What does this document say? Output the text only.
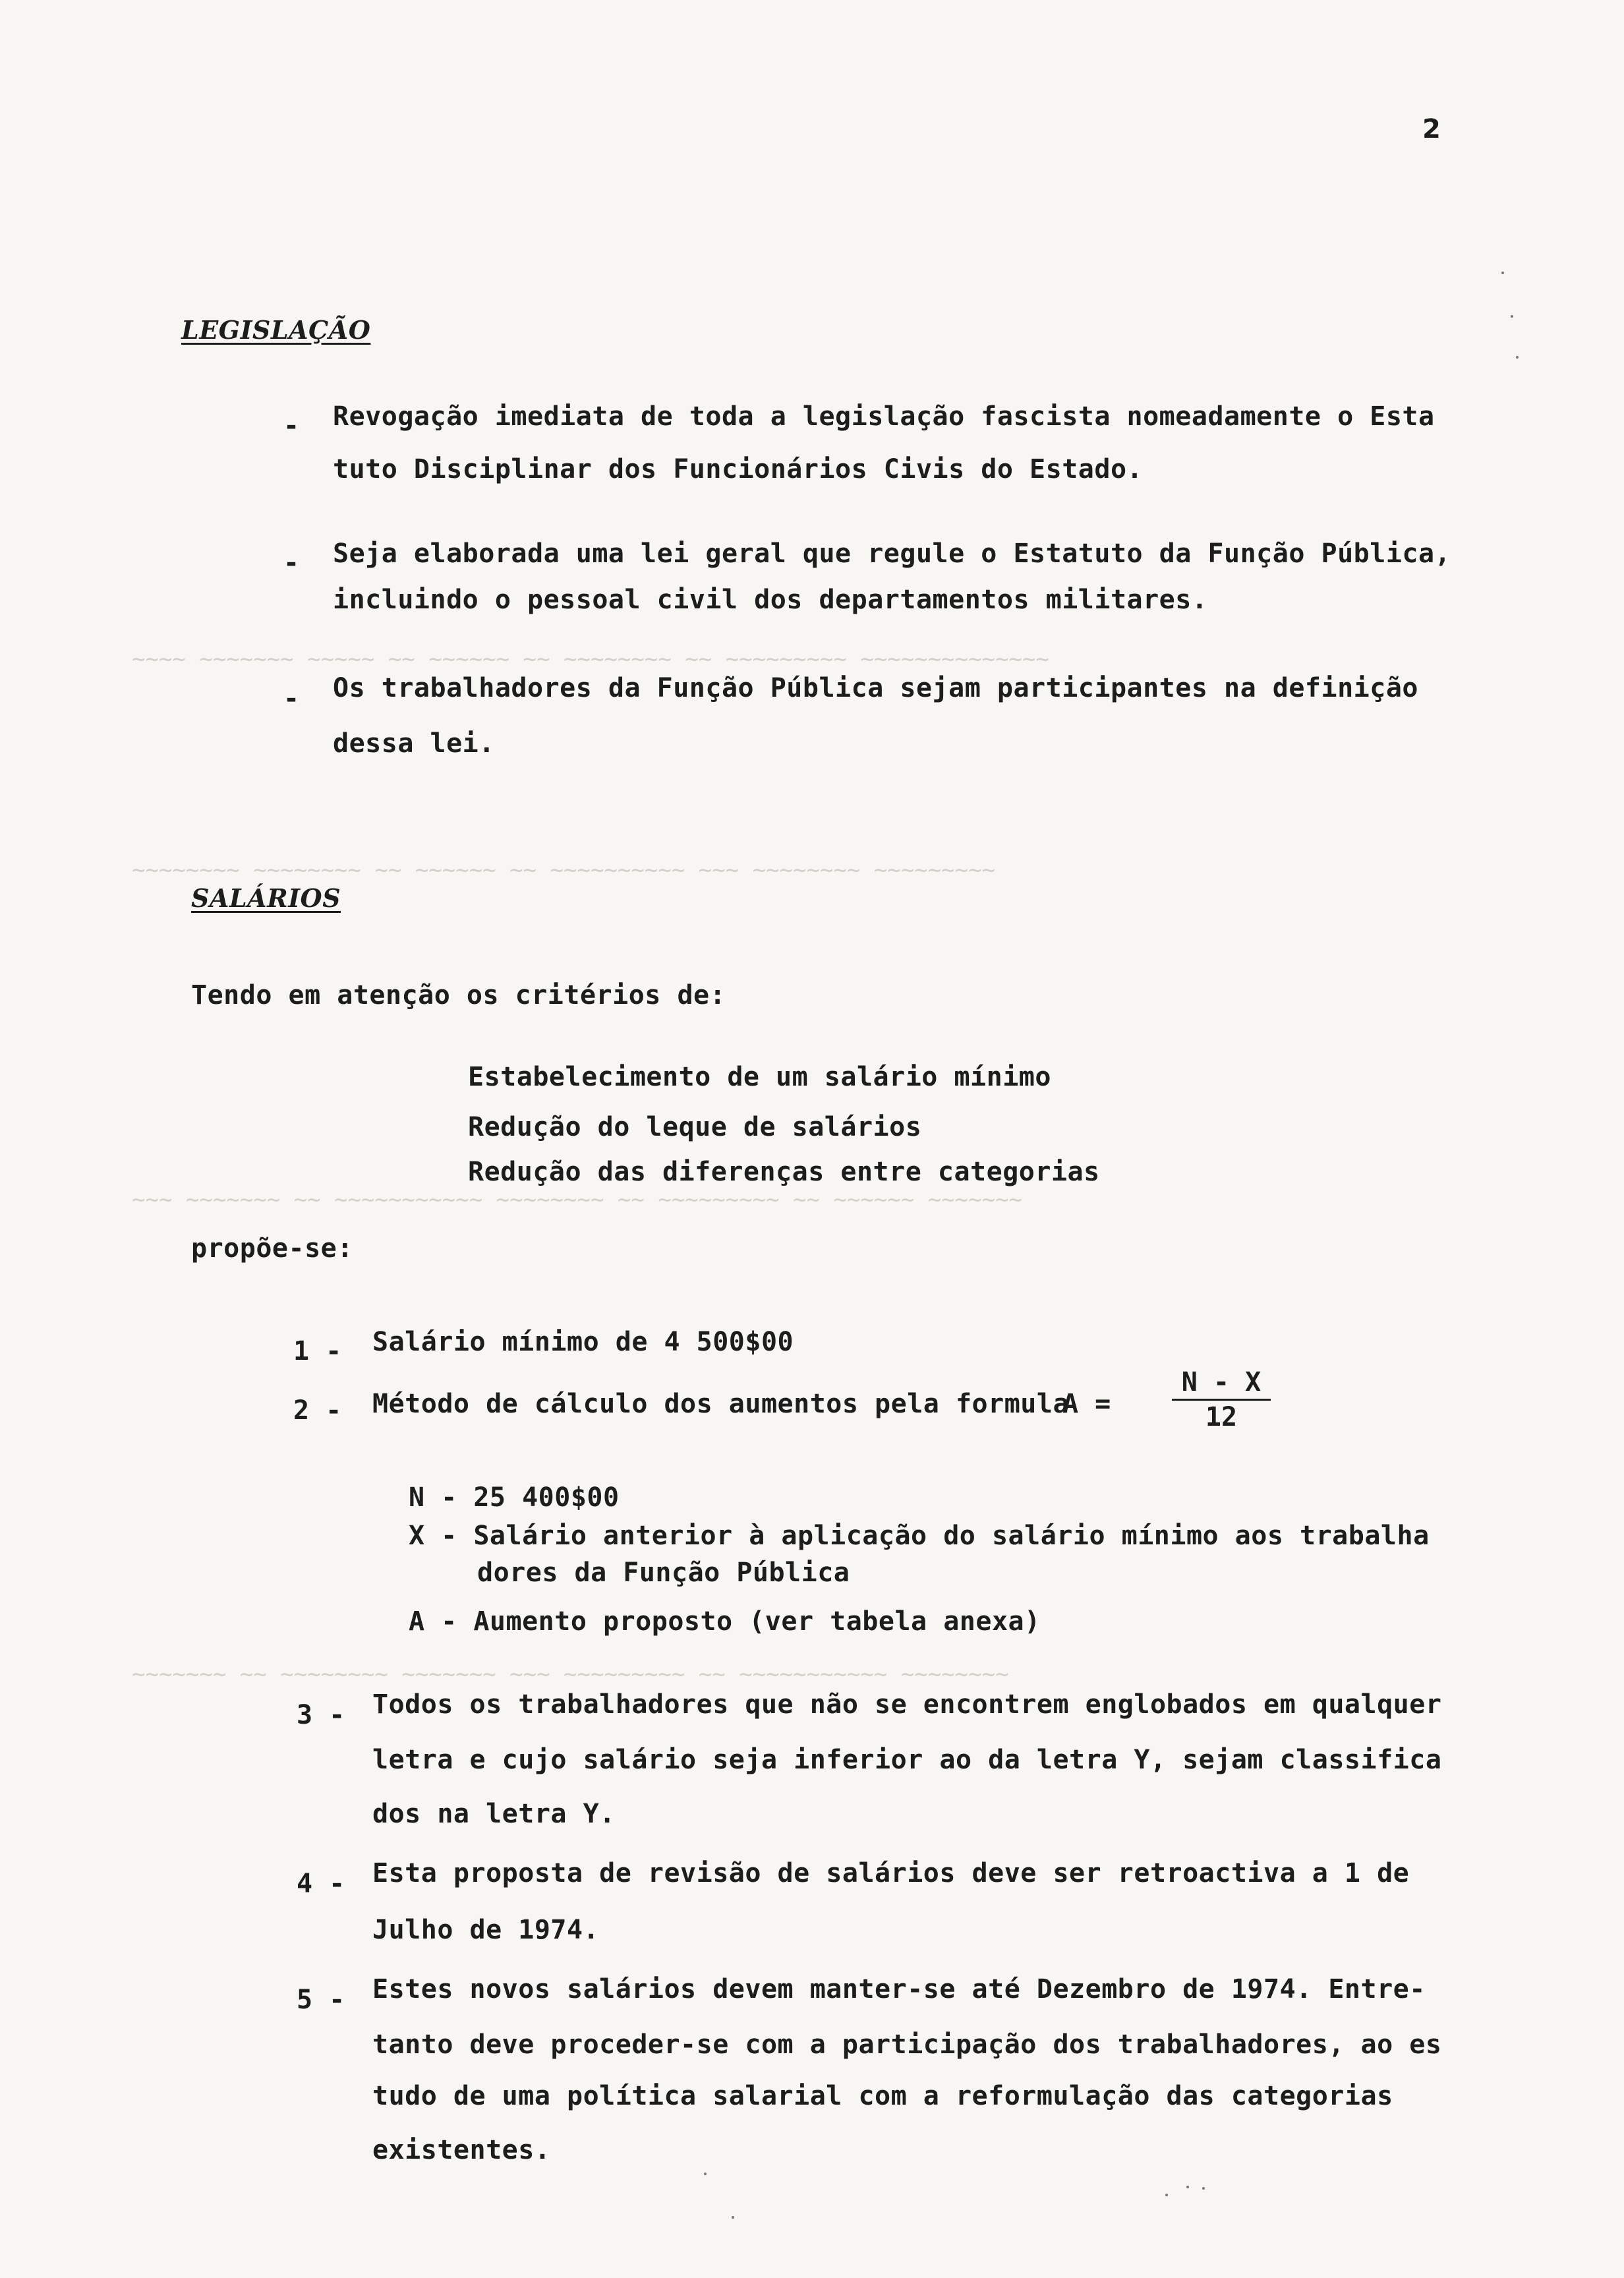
~~~~ ~~~~~~~ ~~~~~ ~~ ~~~~~~ ~~ ~~~~~~~~ ~~ ~~~~~~~~~ ~~~~~~~~~~~~~~
~~~~~~~~ ~~~~~~~~ ~~ ~~~~~~ ~~ ~~~~~~~~~~ ~~~ ~~~~~~~~ ~~~~~~~~~
~~~ ~~~~~~~ ~~ ~~~~~~~~~~~ ~~~~~~~~ ~~ ~~~~~~~~~ ~~ ~~~~~~ ~~~~~~~
~~~~~~~ ~~ ~~~~~~~~ ~~~~~~~ ~~~ ~~~~~~~~~ ~~ ~~~~~~~~~~~ ~~~~~~~~
2
LEGISLAÇÃO
- Revogação imediata de toda a legislação fascista nomeadamente o Esta
tuto Disciplinar dos Funcionários Civis do Estado.
- Seja elaborada uma lei geral que regule o Estatuto da Função Pública,
incluindo o pessoal civil dos departamentos militares.
- Os trabalhadores da Função Pública sejam participantes na definição
dessa lei.
SALÁRIOS
Tendo em atenção os critérios de:
Estabelecimento de um salário mínimo
Redução do leque de salários
Redução das diferenças entre categorias
propõe-se:
1 - Salário mínimo de 4 500$00
2 - Método de cálculo dos aumentos pela formula
$A = \frac{N - X}{12}$
N - 25 400$00
X - Salário anterior à aplicação do salário mínimo aos trabalha
dores da Função Pública
A - Aumento proposto (ver tabela anexa)
3 - Todos os trabalhadores que não se encontrem englobados em qualquer
letra e cujo salário seja inferior ao da letra Y, sejam classifica
dos na letra Y.
4 - Esta proposta de revisão de salários deve ser retroactiva a 1 de
Julho de 1974.
5 - Estes novos salários devem manter-se até Dezembro de 1974. Entre-
tanto deve proceder-se com a participação dos trabalhadores, ao es
tudo de uma política salarial com a reformulação das categorias
existentes.
